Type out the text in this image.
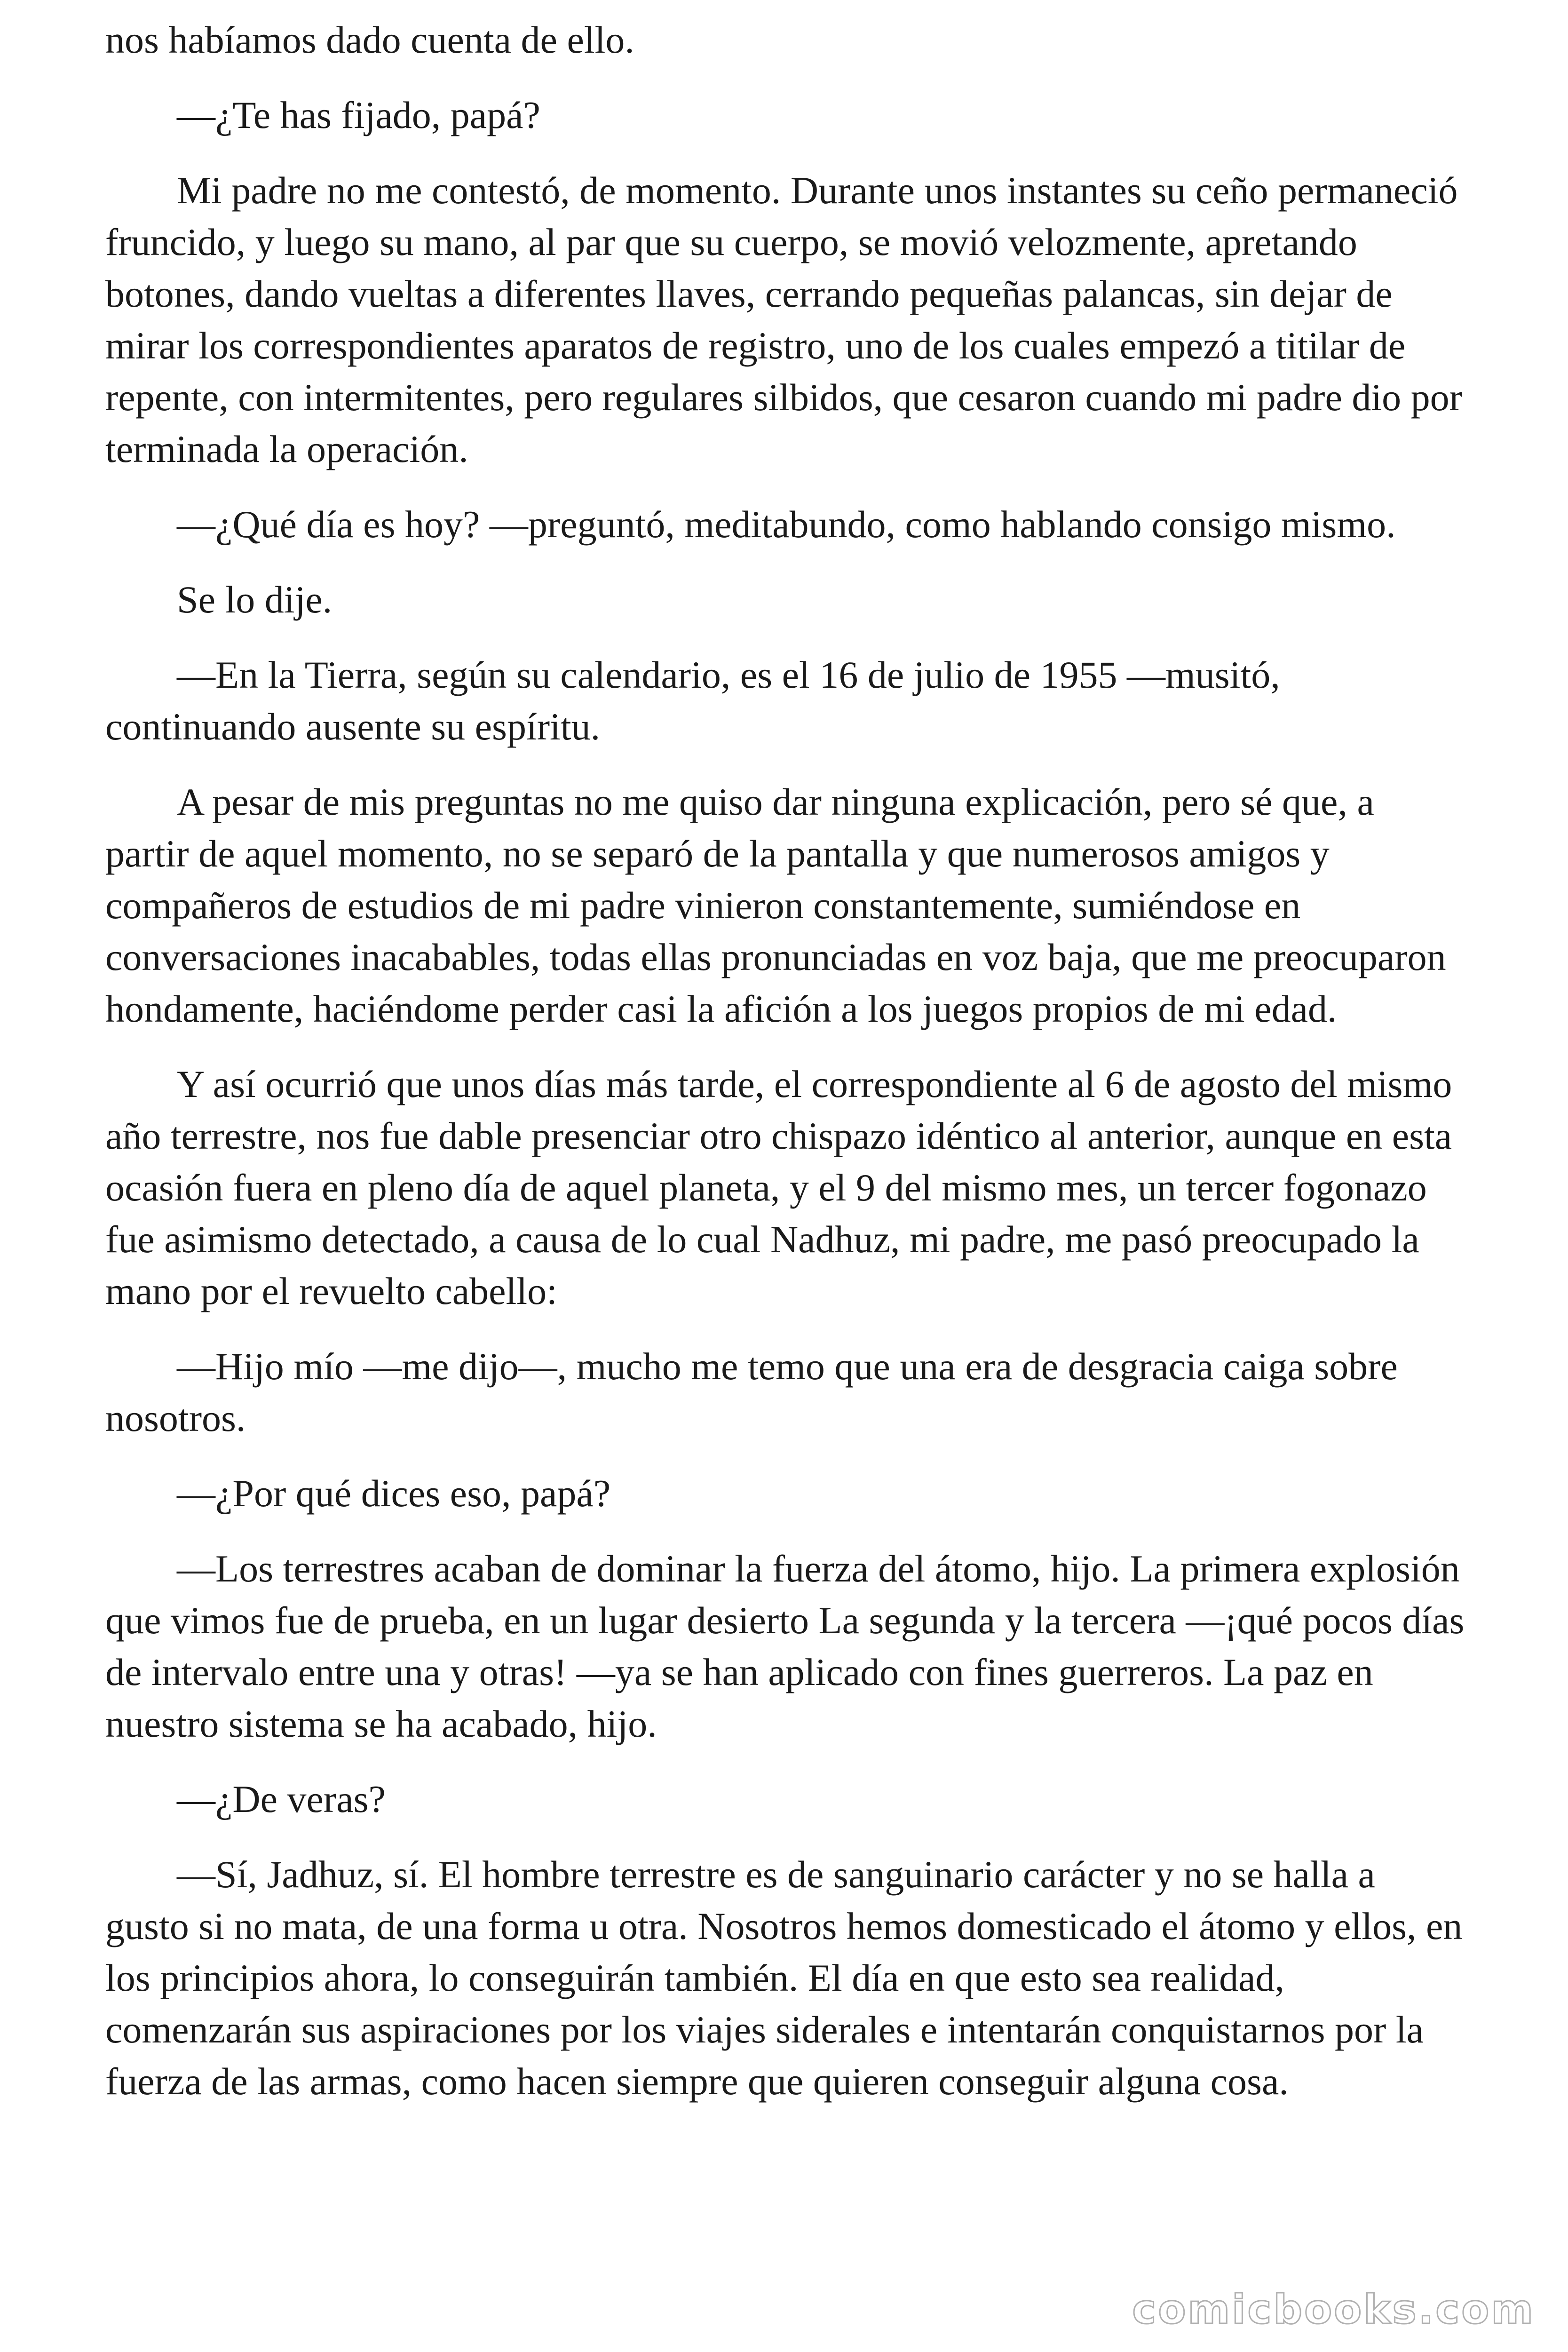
nos habíamos dado cuenta de ello.

—¿Te has fijado, papá?

Mi padre no me contestó, de momento. Durante unos instantes su ceño permaneció fruncido, y luego su mano, al par que su cuerpo, se movió velozmente, apretando botones, dando vueltas a diferentes llaves, cerrando pequeñas palancas, sin dejar de mirar los correspondientes aparatos de registro, uno de los cuales empezó a titilar de repente, con intermitentes, pero regulares silbidos, que cesaron cuando mi padre dio por terminada la operación.

—¿Qué día es hoy? —preguntó, meditabundo, como hablando consigo mismo.

Se lo dije.

—En la Tierra, según su calendario, es el 16 de julio de 1955 —musitó, continuando ausente su espíritu.

A pesar de mis preguntas no me quiso dar ninguna explicación, pero sé que, a partir de aquel momento, no se separó de la pantalla y que numerosos amigos y compañeros de estudios de mi padre vinieron constantemente, sumiéndose en conversaciones inacabables, todas ellas pronunciadas en voz baja, que me preocuparon hondamente, haciéndome perder casi la afición a los juegos propios de mi edad.

Y así ocurrió que unos días más tarde, el correspondiente al 6 de agosto del mismo año terrestre, nos fue dable presenciar otro chispazo idéntico al anterior, aunque en esta ocasión fuera en pleno día de aquel planeta, y el 9 del mismo mes, un tercer fogonazo fue asimismo detectado, a causa de lo cual Nadhuz, mi padre, me pasó preocupado la mano por el revuelto cabello:

—Hijo mío —me dijo—, mucho me temo que una era de desgracia caiga sobre nosotros.

—¿Por qué dices eso, papá?

—Los terrestres acaban de dominar la fuerza del átomo, hijo. La primera explosión que vimos fue de prueba, en un lugar desierto La segunda y la tercera —¡qué pocos días de intervalo entre una y otras! —ya se han aplicado con fines guerreros. La paz en nuestro sistema se ha acabado, hijo.

—¿De veras?

—Sí, Jadhuz, sí. El hombre terrestre es de sanguinario carácter y no se halla a gusto si no mata, de una forma u otra. Nosotros hemos domesticado el átomo y ellos, en los principios ahora, lo conseguirán también. El día en que esto sea realidad, comenzarán sus aspiraciones por los viajes siderales e intentarán conquistarnos por la fuerza de las armas, como hacen siempre que quieren conseguir alguna cosa.

comicbooks.com
